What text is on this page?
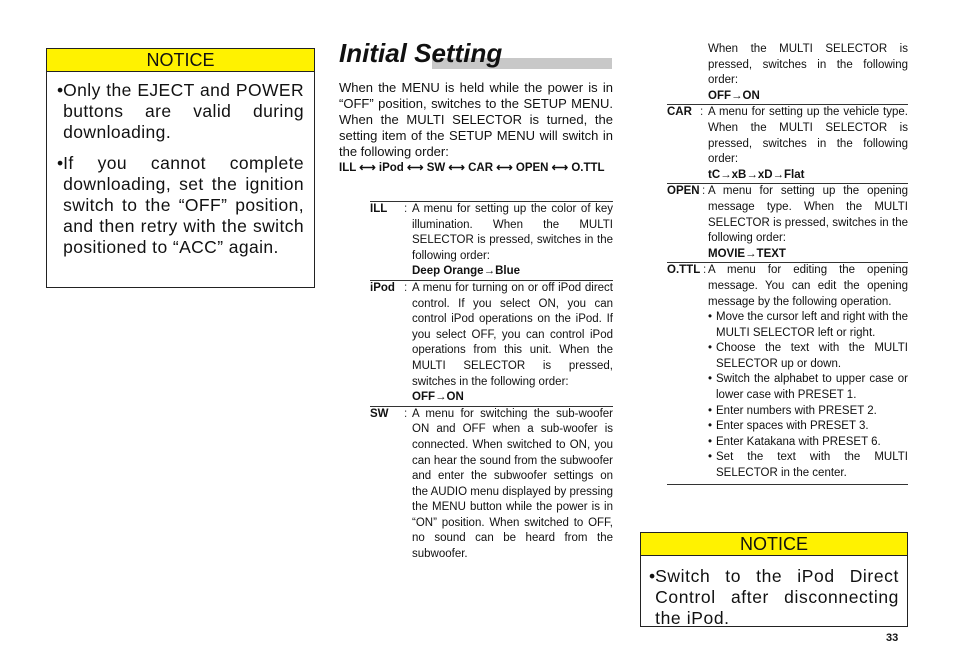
NOTICE
• Only the EJECT and POWER buttons are valid during downloading.
• If you cannot complete downloading, set the ignition switch to the “OFF” position, and then retry with the switch positioned to “ACC” again.
Initial Setting
When the MENU is held while the power is in “OFF” position, switches to the SETUP MENU. When the MULTI SELECTOR is turned, the setting item of the SETUP MENU will switch in the following order:
ILL ⟷ iPod ⟷ SW ⟷ CAR ⟷ OPEN ⟷ O.TTL
ILL	: A menu for setting up the color of key illumination. When the MULTI SELECTOR is pressed, switches in the following order:
Deep Orange→Blue
iPod : A menu for turning on or off iPod direct control. If you select ON, you can control iPod operations on the iPod. If you select OFF, you can control iPod operations from this unit. When the MULTI SELECTOR is pressed, switches in the following order:
OFF→ON
SW	: A menu for switching the sub-woofer ON and OFF when a sub-woofer is connected. When switched to ON, you can hear the sound from the subwoofer and enter the subwoofer settings on the AUDIO menu displayed by pressing the MENU button while the power is in “ON” position. When switched to OFF, no sound can be heard from the subwoofer.
When the MULTI SELECTOR is pressed, switches in the following order:
OFF→ON
CAR : A menu for setting up the vehicle type. When the MULTI SELECTOR is pressed, switches in the following order:
tC→xB→xD→Flat
OPEN : A menu for setting up the opening message type. When the MULTI SELECTOR is pressed, switches in the following order:
MOVIE→TEXT
O.TTL : A menu for editing the opening message. You can edit the opening message by the following operation.
• Move the cursor left and right with the MULTI SELECTOR left or right.
• Choose the text with the MULTI SELECTOR up or down.
• Switch the alphabet to upper case or lower case with PRESET 1.
• Enter numbers with PRESET 2.
• Enter spaces with PRESET 3.
• Enter Katakana with PRESET 6.
• Set the text with the MULTI SELECTOR in the center.
NOTICE
• Switch to the iPod Direct Control after disconnecting the iPod.
33
